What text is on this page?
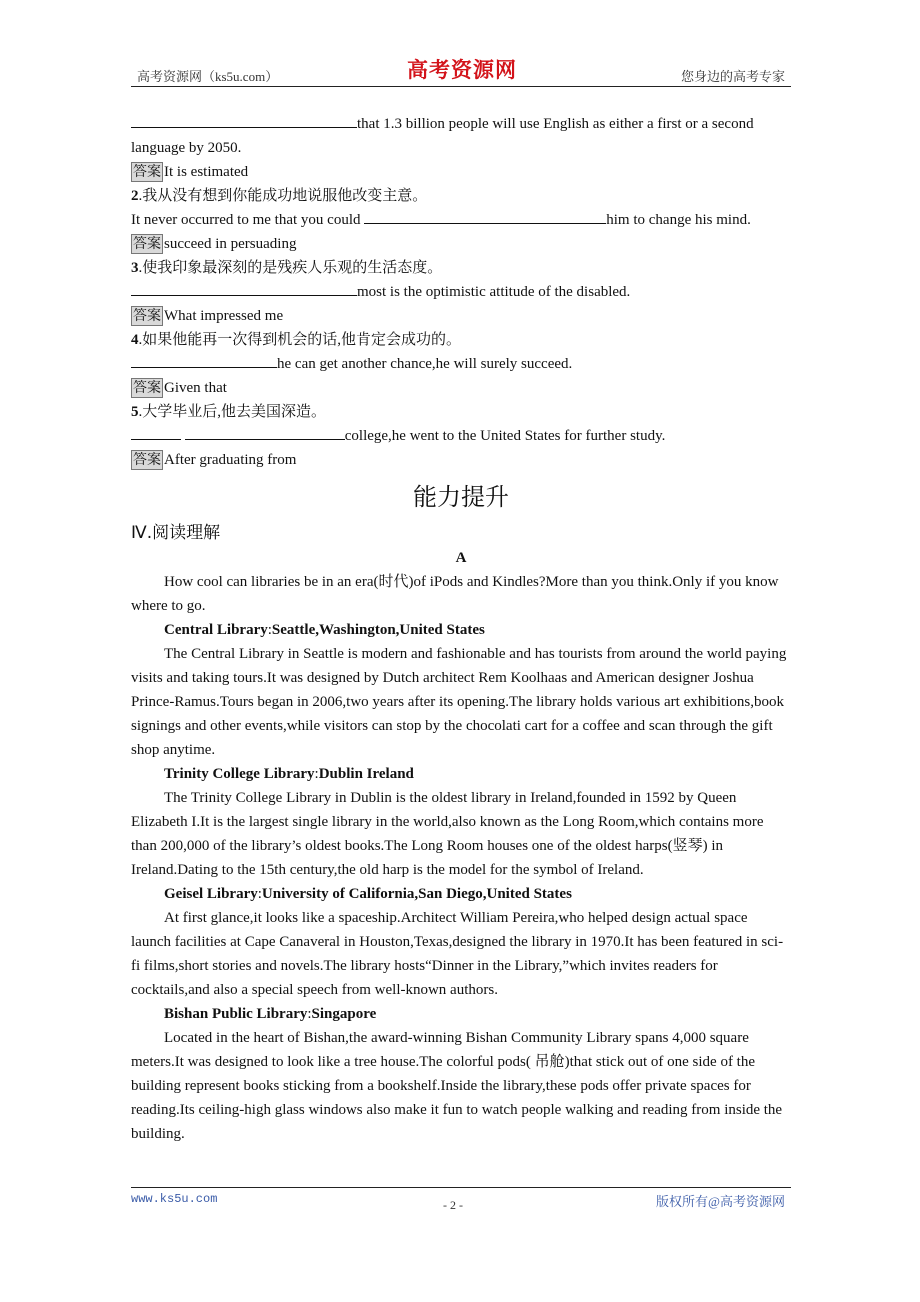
高考资源网（ks5u.com）	高考资源网	您身边的高考专家

that 1.3 billion people will use English as either a first or a second language by 2050.

答案 It is estimated

2.我从没有想到你能成功地说服他改变主意。

It never occurred to me that you could	him to change his mind.

答案 succeed in persuading

3.使我印象最深刻的是残疾人乐观的生活态度。

most is the optimistic attitude of the disabled.

答案 What impressed me

4.如果他能再一次得到机会的话,他肯定会成功的。

he can get another chance,he will surely succeed.

答案 Given that

5.大学毕业后,他去美国深造。

college,he went to the United States for further study.

答案 After graduating from

能力提升
Ⅳ.阅读理解

A

How cool can libraries be in an era(时代)of iPods and Kindles?More than you think.Only if you know where to go.

Central Library:Seattle,Washington,United States

The Central Library in Seattle is modern and fashionable and has tourists from around the world paying visits and taking tours.It was designed by Dutch architect Rem Koolhaas and American designer Joshua Prince-Ramus.Tours began in 2006,two years after its opening.The library holds various art exhibitions,book signings and other events,while visitors can stop by the chocolati cart for a coffee and scan through the gift shop anytime.

Trinity College Library:Dublin Ireland

The Trinity College Library in Dublin is the oldest library in Ireland,founded in 1592 by Queen Elizabeth I.It is the largest single library in the world,also known as the Long Room,which contains more than 200,000 of the library’s oldest books.The Long Room houses one of the oldest harps(竖琴) in Ireland.Dating to the 15th century,the old harp is the model for the symbol of Ireland.

Geisel Library:University of California,San Diego,United States

At first glance,it looks like a spaceship.Architect William Pereira,who helped design actual space launch facilities at Cape Canaveral in Houston,Texas,designed the library in 1970.It has been featured in sci-fi films,short stories and novels.The library hosts“Dinner in the Library,”which invites readers for cocktails,and also a special speech from well-known authors.

Bishan Public Library:Singapore

Located in the heart of Bishan,the award-winning Bishan Community Library spans 4,000 square meters.It was designed to look like a tree house.The colorful pods( 吊舱)that stick out of one side of the building represent books sticking from a bookshelf.Inside the library,these pods offer private spaces for reading.Its ceiling-high glass windows also make it fun to watch people walking and reading from inside the building.

www.ks5u.com	- 2 -	版权所有@高考资源网
